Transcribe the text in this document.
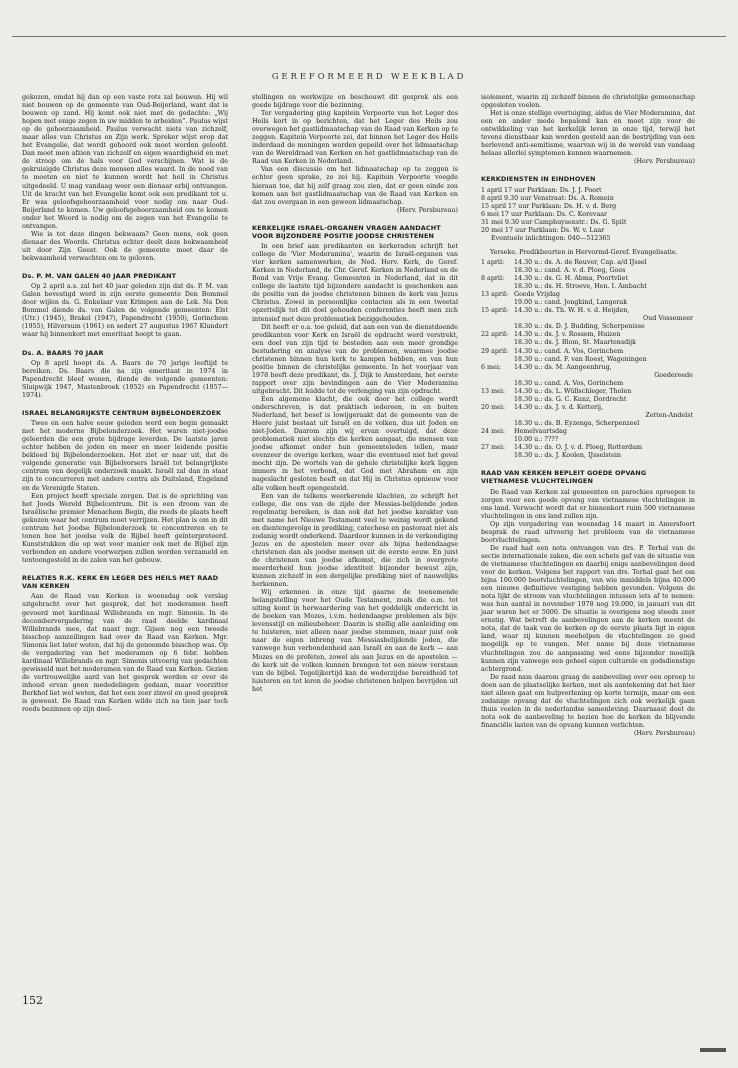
GEREFORMEERD WEEKBLAD

gekozen, omdat hij dan op een vaste rots zal bouwen. Hij wil niet bouwen op de gemeente van Oud-Beijerland, want dat is bouwen op zand. Hij komt ook niet met de gedachte: „Wij hopen met enige zegen in uw midden te arbeiden”. Paulus wijst op de gehoorzaamheid. Paulus verwacht niets van zichzelf, maar alles van Christus en Zijn werk. Spreker wijst erop dat het Evangelie, dat wordt gehoord ook moet worden geloofd. Dan moet men afzien van zichzelf en eigen waardigheid en met de stroop om de hals voor God verschijnen. Wat is de gekruisigde Christus deze mensen alles waard. In de nood van te moeten en niet te kunnen wordt het heil in Christus uitgedeeld. U mag vandaag weer een dienaar erbij ontvangen. Uit de kracht van het Evangelie komt ook een predikant tot u. Er was geloofsgehoorzaamheid voor nodig om naar Oud-Beijerland te komen. Uw geloofsgehoorzaamheid om te komen onder het Woord is nodig om de zegen van het Evangelie te ontvangen.

Wie is tot deze dingen bekwaam? Geen mens, ook geen dienaar des Woords. Christus echter deelt deze bekwaamheid uit door Zijn Geest. Ook de gemeente moet daar de bekwaamheid verwachten om te geloven.

Ds. P. M. VAN GALEN 40 JAAR PREDIKANT

Op 2 april a.s. zal het 40 jaar geleden zijn dat ds. P. M. van Galen bevestigd werd in zijn eerste gemeente Den Bommel door wijlen ds. G. Enkelaar van Krimpen aan de Lek. Na Den Bommel diende ds. van Galen de volgende gemeenten: Elst (Utr.) (1945), Brakel (1947), Papendrecht (1950), Gorinchem (1955), Hilversum (1961) en sedert 27 augustus 1967 Klundert waar hij binnenkort met emeritaat hoopt te gaan.

Ds. A. BAARS 70 JAAR

Op 8 april hoopt ds. A. Baars de 70 jarige leeftijd te bereiken. Ds. Baars die na zijn emeritaat in 1974 in Papendrecht bleef wonen, diende de volgende gemeenten: Sluipwijk 1947, Mastenbroek (1952) en Papendrecht (1957—1974).

ISRAEL BELANGRIJKSTE CENTRUM BIJBELONDERZOEK

Twee en een halve eeuw geleden werd een begin gemaakt met het moderne Bijbelonderzoek. Het waren niet-joodse geleerden die een grote bijdrage leverden. De laatste jaren echter hebben de joden en meer en meer leidende positie bekleed bij Bijbelonderzoeken. Het ziet er naar uit, dat de volgende generatie van Bijbelvorsers Israël tot belangrijkste centrum van degelijk onderzoek maakt. Israël zal dan in staat zijn te concurreren met andere centra als Duitsland, Engeland en de Verenigde Staten.

Een project heeft speciale zorgen. Dat is de oprichting van het Joods Wereld Bijbelcentrum. Dit is een droom van de Israëlische premier Menachem Begin, die reeds de plaats heeft gekozen waar het centrum moet verrijzen. Het plan is om in dit centrum het Joodse Bijbelonderzoek te concentreren en te tonen hoe het joodse volk de Bijbel heeft geïnterpreteerd. Kunststukken die op wat voor manier ook met de Bijbel zijn verbonden en andere voorwerpen zullen worden verzameld en tentoongesteld in de zalen van het gebouw.

RELATIES R.K. KERK EN LEGER DES HEILS MET RAAD VAN KERKEN

Aan de Raad van Kerken is woensdag ook verslag uitgebracht over het gesprek, dat het moderamen heeft gevoerd met kardinaal Willebrands en mgr. Simonis. In de decembervergadering van de raad deelde kardinaal Willebrands mee, dat naast mgr. Gijsen nog een tweede bisschop aanzeilingen had over de Raad van Kerken. Mgr. Simonis liet later weten, dat hij de genoemde bisschop was. Op de vergadering van het moderamen op 6 febr. hebben kardinaal Willebrands en mgr. Simonis uitvoerig van gedachten gewisseld met het moderamen van de Raad van Kerken. Gezien de vertrouwelijke aard van het gesprek werden er over de inhoud ervan geen mededelingen gedaan, maar voorzitter Berkhof liet wel weten, dat het een zeer zinvol en goed gesprek is geweest. De Raad van Kerken wilde zich na tien jaar toch reeds bezinnen op zijn doel-

stellingen en werkwijze en beschouwt dit gesprek als een goede bijdrage voor die bezinning.

Ter vergadering ging kapitein Verpoorte van het Leger des Heils kort in op berichten, dat het Leger des Heils zou overwegen het gastlidmaatschap van de Raad van Kerken op te zeggen. Kapitein Verpoorte zei, dat binnen het Leger des Heils inderdaad de meningen worden gepeild over het lidmaatschap van de Wereldraad van Kerken en het gastlidmaatschap van de Raad van Kerken in Nederland.

Van een discussie om het lidmaatschap op te zeggen is echter geen sprake, zo zei hij. Kapitein Verpoorte voegde hieraan toe, dat hij zelf graag zou zien, dat er geen einde zou komen aan het gastlidmaatschap van de Raad van Kerken en dat zou overgaan in een gewoon lidmaatschap.

(Herv. Persbureau)
KERKELIJKE ISRAEL-ORGANEN VRAGEN AANDACHT VOOR BIJZONDERE POSITIE JOODSE CHRISTENEN

In een brief aan predikanten en kerkeraden schrijft het college de 'Vier Moderamina', waarin de Israël-organen van vier kerken samenwerken, de Ned. Herv. Kerk, de Geref. Kerken in Nederland, de Chr. Geref. Kerken in Nederland en de Bond van Vrije Evang. Gemeenten in Nederland, dat in dit college de laatste tijd bijzondere aandacht is geschonken aan de positie van de joodse christenen binnen de kerk van Jezus Christus. Zowel in persoonlijke contacten als in een tweetal opzettelijk tot dit doel gehouden conferenties heeft men zich intensief met deze problematiek beziggehouden.

Dit heeft er o.a. toe geleid, dat aan een van de dienstdoende predikanten voor Kerk en Israël de opdracht werd verstrekt, een doel van zijn tijd te besteden aan een meer grondige bestudering en analyse van de problemen, waarmee joodse christenen binnen hun kerk te kampen hebben, en van hun positie binnen de christelijke gemeente. In het voorjaar van 1978 heeft deze predikant, ds. J. Dijk te Amsterdam, het eerste rapport over zijn bevindingen aan de Vier Moderamina uitgebracht. Dit leidde tot de verlenging van zijn opdracht.

Een algemene klacht, die ook door het college wordt onderschreven, is dat praktisch iedereen, in en buiten Nederland, het besef is lowijgeraakt dat de gemeente van de Heere juist bestaat uit Israël en de volken, dus uit Joden en niet-Joden. Daarom zijn wij ervan overtuigd, dat deze problematiek niet slechts die kerken aangaat, die mensen van joodse afkomst onder hun gemeenteleden tellen, maar evenzeer de overige kerken, waar die eventueel niet het geval mocht zijn. De wortels van de gehele christelijke kerk liggen immers in het verbond, dat God met Abraham en zijn nageslacht gesloten heeft en dat Hij in Christus opnieuw voor alle volken heeft opengesteld.

Een van de telkens weerkerende klachten, zo schrijft het college, die ons van de zijde der Messias-belijdende joden regelmatig bereiken, is dan ook dat het joodse karakter van met name het Nieuwe Testament veel te weinig wordt gekend en dientengevolge in prediking, catechese en pastoraat niet als zodanig wordt onderkend. Daardoor kunnen in de verkondiging Jezus en de apostelen meer over als bijna hedendaagse christenen dan als joodse mensen uit de eerste eeuw. En juist de christenen van joodse afkomst, die zich in overgrote meerderheid hun joodse identiteit bijzonder bewust zijn, kunnen zichzelf in een dergelijke prediking niet of nauwelijks herkennen.

Wij erkennen in onze tijd gaarne de toenemende belangstelling voor het Oude Testament, zoals die o.m. tot uiting komt in herwaardering van het goddelijk onderricht in de boeken van Mozes, i.v.m. hedendaagse problemen als bijv. levensstijl en milieubeheer. Daarin is stellig alle aanleiding om te luisteren, niet alleen naar joodse stemmen, maar juist ook naar de eigen inbreng van Messiasbelijdende joden, die vanwege hun verbondenheid aan Israël én aan de kerk — aan Mozes en de profeten, zowel als aan Jezus en de apostelen — de kerk uit de volken kunnen brengen tot een nieuw verstaan van de bijbel. Tegelijkertijd kan de wederzijdse bereidheid tot luisteren en tot leren de joodse christenen helpen bevrijden uit het

isolement, waarin zij zichzelf binnen de christelijke gemeenschap opgesloten voelen.

Het is onze stellige overtuiging, aldus de Vier Moderamina, dat een en ander mede bepalend kan en moet zijn voor de ontwikkeling van het kerkelijk leven in onze tijd, terwijl het tevens dienstbaar kan worden gesteld aan de bestrijding van een herlevend anti-semitisme, waarvan wij in de wereld van vandaag helaas allerlei symptomen kunnen waarnemen.

(Herv. Persbureau)
KERKDIENSTEN IN EINDHOVEN
1 april 17 uur Parklaan: Ds. J. J. Poort
8 april 9.30 uur Venstraat: Ds. A. Romein
15 april 17 uur Parklaan: Ds. H. v. d. Berg
6 mei 17 uur Parklaan: Ds. C. Korevaar
31 mei 9.30 uur Camphuysenstr.: Ds. G. Spilt
20 mei 17 uur Parklaan: Ds. W. v. Laar
Eventuele inlichtingen: 040—512365

Yerseke. Predikbeurten in Hervormd-Geref. Evangelisatie.

1 april:	14.30 u.: ds. A. de Reuver, Cap. a/d IJssel
18.30 u.: cand. A. v. d. Ploeg, Goes
8 april:	14.30 u.: ds. G. H. Abma, Poortvliet
18.30 u.: ds. H. Stroeve, Hen. I. Ambacht
13 april: Goede Vrijdag
19.00 u.: cand. Jongkind, Langerak
15 april: 14.30 u.: ds. Th. W. H. v. d. Heijden,
Oud Vossemeer
18.30 u.: ds. D. J. Budding, Scherpenisse
22 april: 14.30 u.: ds. J. v. Rossem, Huizen
18.30 u.: ds. J. Blom, St. Maartensdijk
29 april: 14.30 u.: cand. A. Vos, Gorinchem
18.30 u.: cand. F. van Roest, Wageningen
6 mei:	14.30 u.: ds. M. Aangeenbrug,
Goedereede
18.30 u.: cand. A. Vos, Gorinchem
13 mei:	14.30 u.: ds. L. Wüllschleger, Tholen
18.30 u.: ds. G. C. Kunz, Dordrecht
20 mei:	14.30 u.: ds. J. v. d. Ketterij,
Zetten-Andelst
18.30 u.: ds. B. Eyzenga, Scherpenzeel
24 mei:	Hemelvaartsdag
10.00 u.: ????
27 mei:	14.30 u.: ds. O. J. v. d. Ploeg, Rotterdam
18.30 u.: ds. J. Koolen, IJsselstein
RAAD VAN KERKEN BEPLEIT GOEDE OPVANG VIETNAMESE VLUCHTELINGEN

De Raad van Kerken zal gemeenten en parochies oproepen te zorgen voor een goede opvang van vietnamese vluchtelingen in ons land. Verwacht wordt dat er binnenkort ruim 500 vietnamese vluchtelingen in ons land zullen zijn.

Op zijn vergadering van woensdag 14 maart in Amersfoort besprak de raad uitvoerig het probleem van de vietnamese bootvluchtelingen.

De raad had een nota ontvangen van drs. P. Terhal van de sectie internationale zaken, die een schets gaf van de situatie van de vietnamese vluchtelingen en daarbij enige aanbevelingen deed voor de kerken. Volgens het rapport van drs. Terhal gaat het om bijna 100.000 bootvluchtelingen, van wie inmiddels bijna 40.000 een nieuwe definitieve vestiging hebben gevonden. Volgens de nota lijkt de stroom van vluchtelingen intussen iets af te nemen: was hun aantal in november 1978 nog 19.000, in januari van dit jaar waren het er 5000. De situatie is overigens nog steeds zeer ernstig. Wat betreft de aanbevelingen aan de kerken meent de nota, dat de taak van de kerken op de eerste plaats ligt in eigen land, waar zij kunnen meehelpen de vluchtelingen zo goed mogelijk op te vangen. Met name bij deze vietnamese vluchtelingen zou de aanpassing wel eens bijzonder moeilijk kunnen zijn vanwege een geheel eigen culturele en godsdienstige achtergrond.

De raad nam daarom graag de aanbeveling over een oproep te doen aan de plaatselijke kerken, met als aantekening dat het hier niet alleen gaat om hulpverlening op korte termijn, maar om een zodanige opvang dat de vluchtelingen zich ook werkelijk gaan thuis voelen in de nederlandse samenleving. Daarnaast doet de nota ook de aanbeveling te bezien hoe de kerken de blijvende financiële lasten van de opvang kunnen verlichten.

(Herv. Persbureau)
152
